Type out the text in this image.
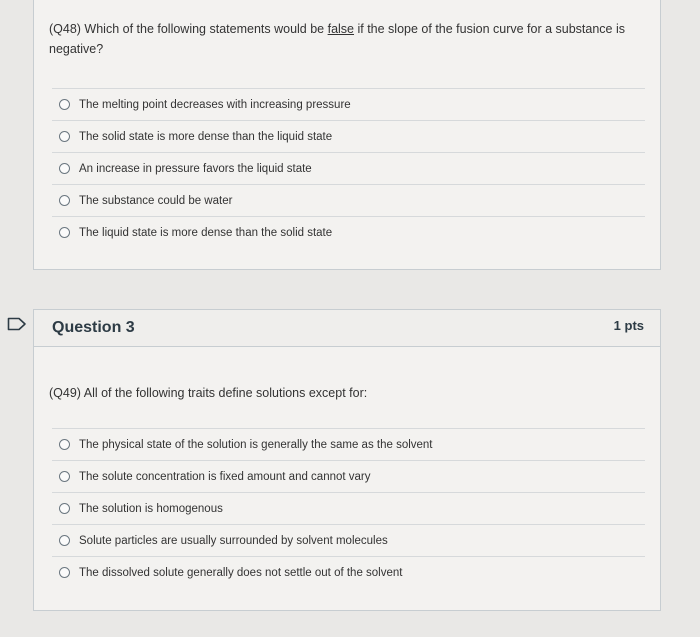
(Q48) Which of the following statements would be false if the slope of the fusion curve for a substance is negative?
The melting point decreases with increasing pressure
The solid state is more dense than the liquid state
An increase in pressure favors the liquid state
The substance could be water
The liquid state is more dense than the solid state
Question 3	1 pts
(Q49) All of the following traits define solutions except for:
The physical state of the solution is generally the same as the solvent
The solute concentration is fixed amount and cannot vary
The solution is homogenous
Solute particles are usually surrounded by solvent molecules
The dissolved solute generally does not settle out of the solvent
